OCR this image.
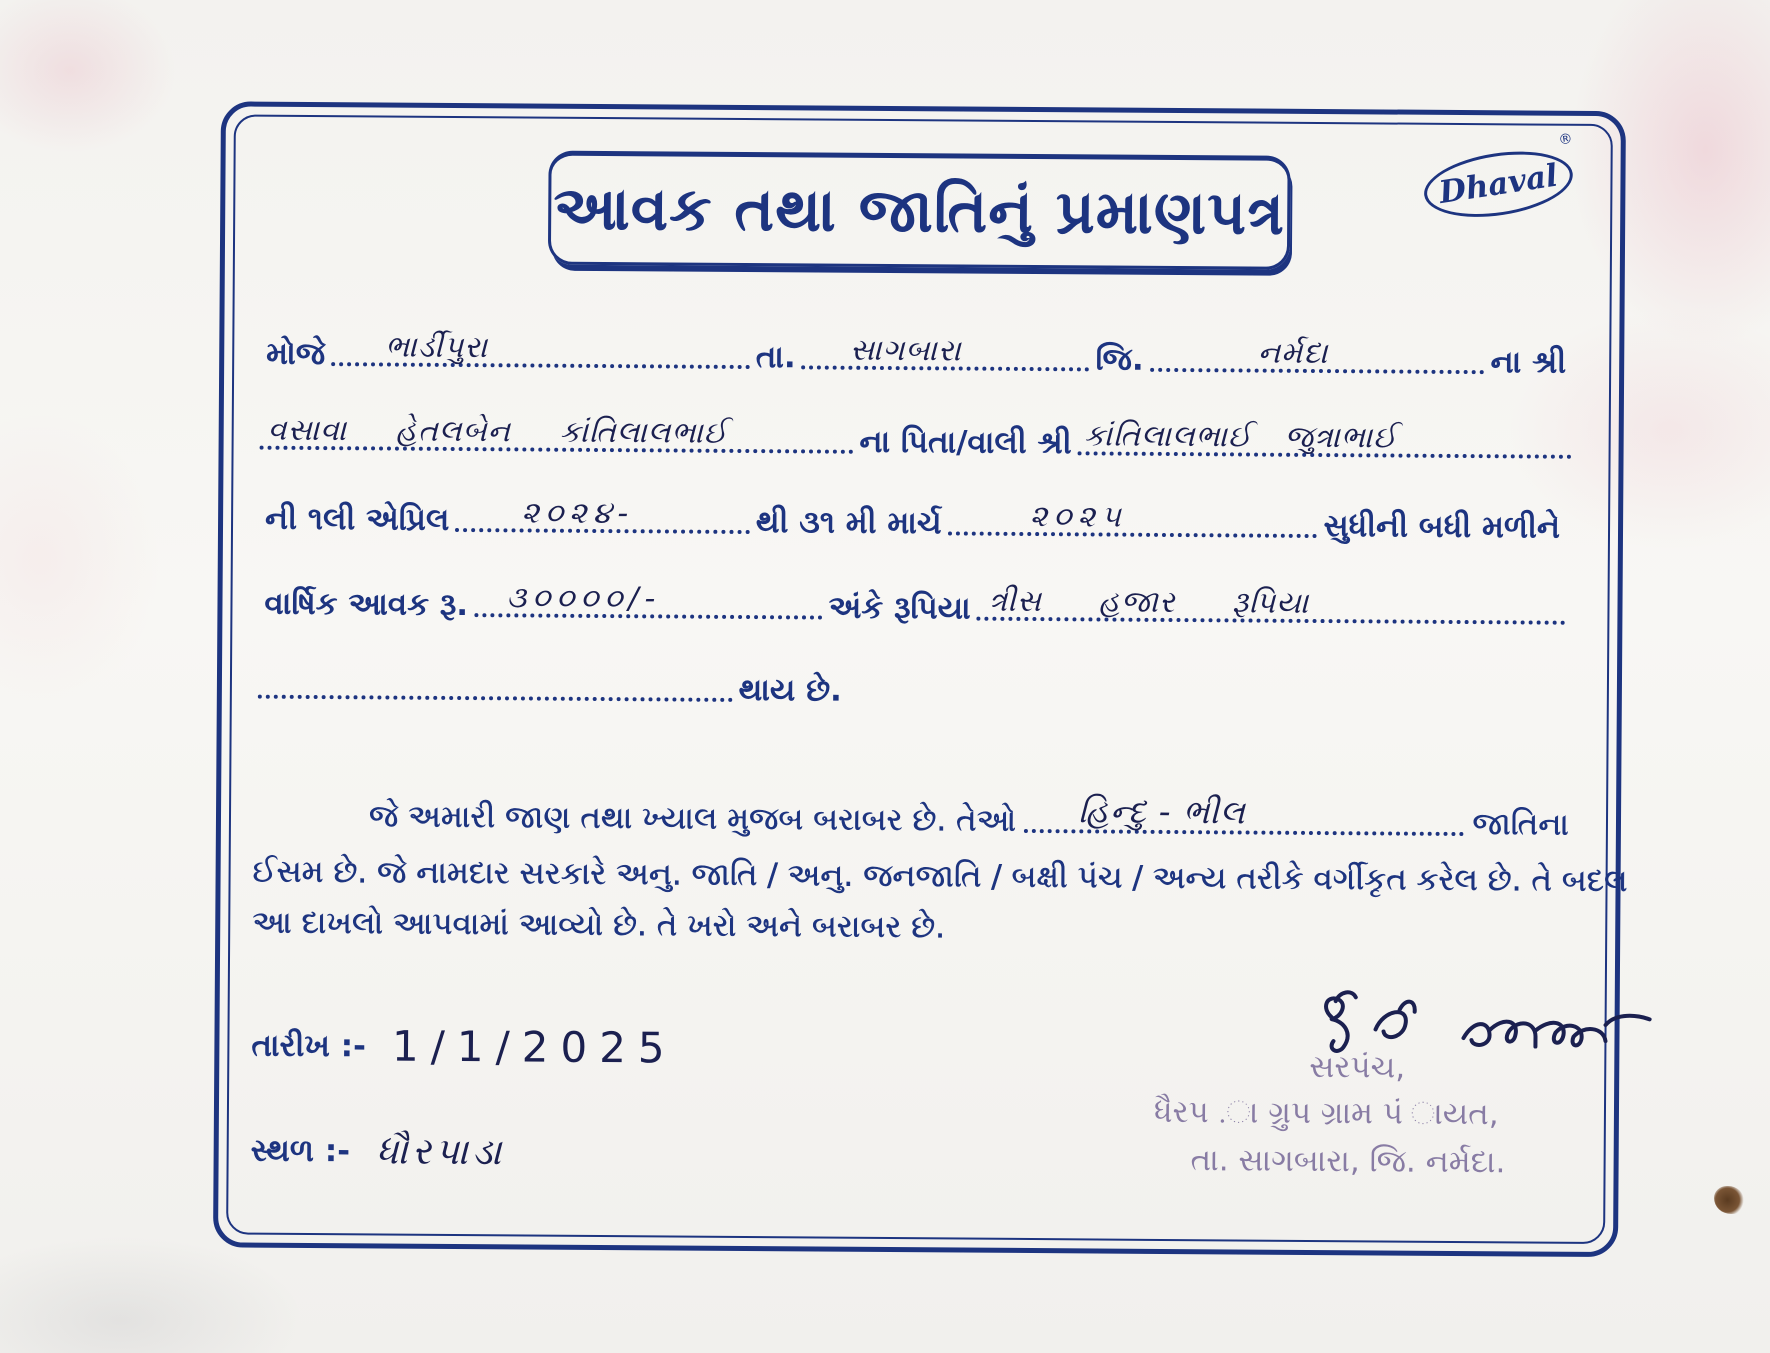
આવક તથા જાતિનું પ્રમાણપત્ર	Dhaval
®
મોજે ભાર્ડીપુરા	તા. સાગબારા	જિ.	નર્મદા	ના શ્રી
વસાવા હેતલબેન કાંતિલાલભાઈ	ના પિતા/વાલી શ્રી કાંતિલાલભાઈ જુત્રાભાઈ
ની ૧લી એપ્રિલ ૨૦૨૪-	થી ૩૧ મી માર્ચ	૨૦૨૫	સુધીની બધી મળીને
વાર્ષિક આવક રૂ. ૩૦૦૦૦/-	અંકે રૂપિયા ત્રીસ હજાર રૂપિયા
થાય છે.
જે અમારી જાણ તથા ખ્યાલ મુજબ બરાબર છે. તેઓ હિન્દુ - ભીલ	જાતિના
ઈસમ છે. જે નામદાર સરકારે અનુ. જાતિ / અનુ. જનજાતિ / બક્ષી પંચ / અન્ય તરીકે વર્ગીકૃત કરેલ છે. તે બદલ
આ દાખલો આપવામાં આવ્યો છે. તે ખરો અને બરાબર છે.
તારીખ :- 1/1/2025
સ્થળ :- ધૌરપાડા
સરપંચ,
ધૈરપ .ા ગ્રુપ ગ્રામ પં ાયત,
તા. સાગબારા, જિ. નર્મદા.
